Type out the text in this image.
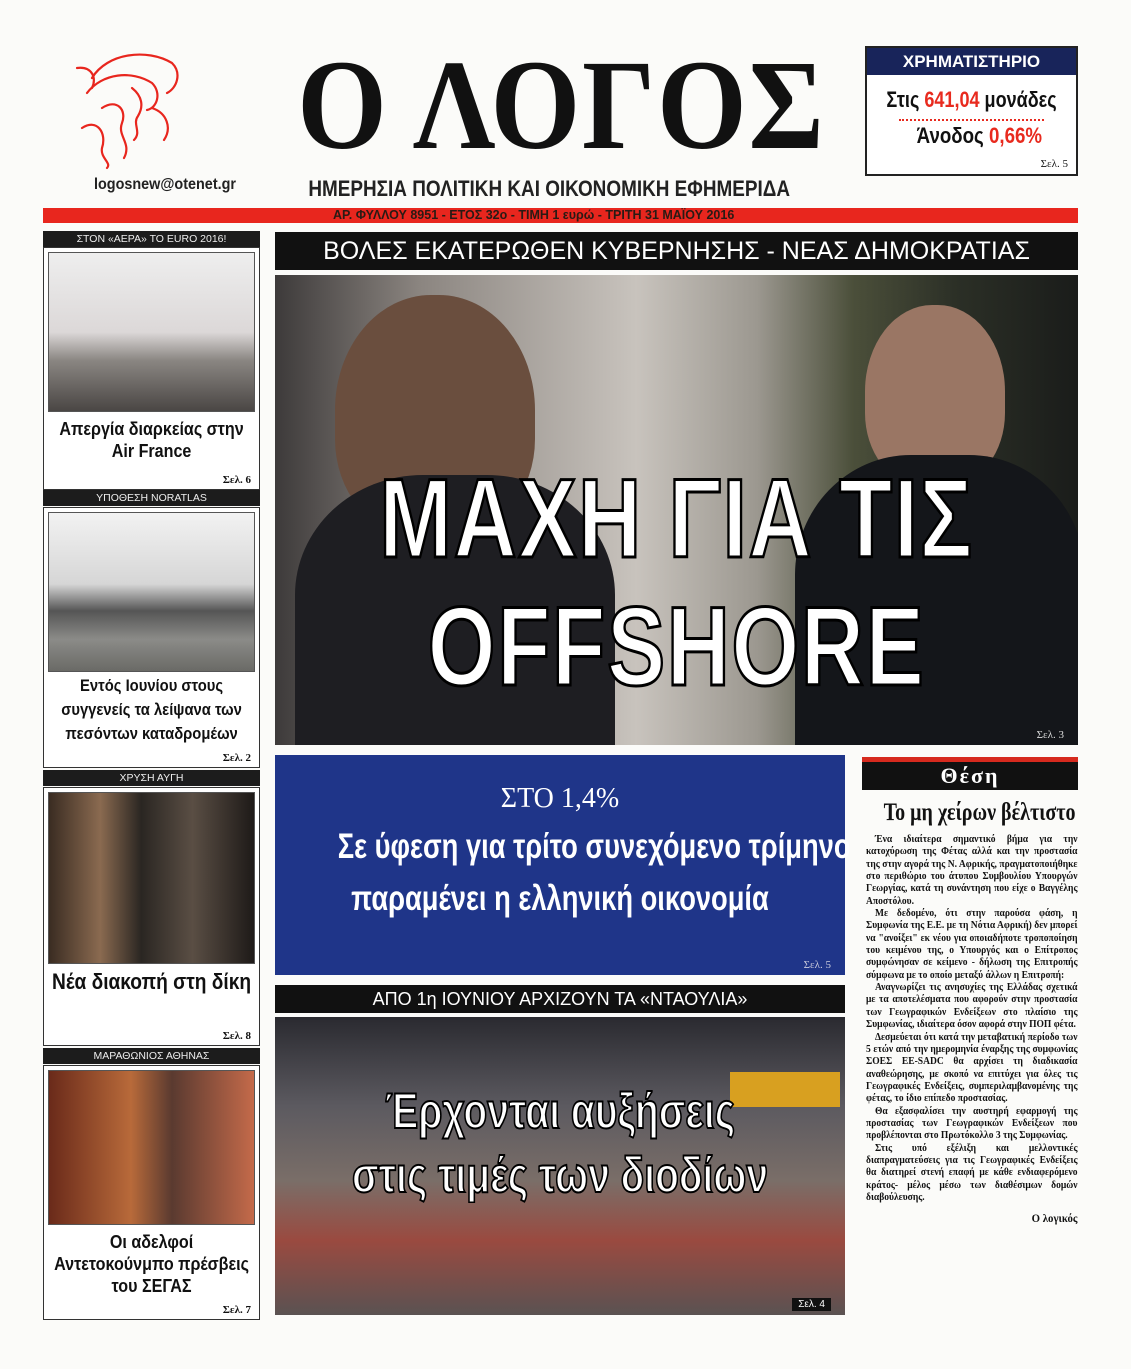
logosnew@otenet.gr
Ο ΛΟΓΟΣ
ΗΜΕΡΗΣΙΑ ΠΟΛΙΤΙΚΗ ΚΑΙ ΟΙΚΟΝΟΜΙΚΗ ΕΦΗΜΕΡΙΔΑ
ΧΡΗΜΑΤΙΣΤΗΡΙΟ
Στις 641,04 μονάδες
Άνοδος 0,66%
Σελ. 5
ΑΡ. ΦΥΛΛΟΥ 8951 - ΕΤΟΣ 32ο - ΤΙΜΗ 1 ευρώ - ΤΡΙΤΗ 31 ΜΑΪΟΥ 2016
ΣΤΟΝ «ΑΕΡΑ» ΤΟ EURO 2016!
Απεργία διαρκείας στην Air France
Σελ. 6
ΥΠΟΘΕΣΗ NORATLAS
Εντός Ιουνίου στους συγγενείς τα λείψανα των πεσόντων καταδρομέων
Σελ. 2
ΧΡΥΣΗ ΑΥΓΗ
Νέα διακοπή στη δίκη
Σελ. 8
ΜΑΡΑΘΩΝΙΟΣ ΑΘΗΝΑΣ
Οι αδελφοί Αντετοκούνμπο πρέσβεις του ΣΕΓΑΣ
Σελ. 7
ΒΟΛΕΣ ΕΚΑΤΕΡΩΘΕΝ ΚΥΒΕΡΝΗΣΗΣ - ΝΕΑΣ ΔΗΜΟΚΡΑΤΙΑΣ
ΜΑΧΗ ΓΙΑ ΤΙΣ
OFFSHORE
Σελ. 3
ΣΤΟ 1,4%
Σε ύφεση για τρίτο συνεχόμενο τρίμηνο
παραμένει η ελληνική οικονομία
Σελ. 5
ΑΠΟ 1η ΙΟΥΝΙΟΥ ΑΡΧΙΖΟΥΝ ΤΑ «ΝΤΑΟΥΛΙΑ»
Έρχονται αυξήσεις
στις τιμές των διοδίων
Σελ. 4
Θέση
Το μη χείρων βέλτιστο

Ένα ιδιαίτερα σημαντικό βήμα για την κατοχύρωση της Φέτας αλλά και την προστασία της στην αγορά της Ν. Αφρικής, πραγματοποιήθηκε στο περιθώριο του άτυπου Συμβουλίου Υπουργών Γεωργίας, κατά τη συνάντηση που είχε ο Βαγγέλης Αποστόλου.

Με δεδομένο, ότι στην παρούσα φάση, η Συμφωνία της Ε.Ε. με τη Νότια Αφρική) δεν μπορεί να "ανοίξει" εκ νέου για οποιαδήποτε τροποποίηση του κειμένου της, ο Υπουργός και ο Επίτροπος συμφώνησαν σε κείμενο - δήλωση της Επιτροπής σύμφωνα με το οποίο μεταξύ άλλων η Επιτροπή:

Αναγνωρίζει τις ανησυχίες της Ελλάδας σχετικά με τα αποτελέσματα που αφορούν στην προστασία των Γεωγραφικών Ενδείξεων στο πλαίσιο της Συμφωνίας, ιδιαίτερα όσον αφορά στην ΠΟΠ φέτα.

Δεσμεύεται ότι κατά την μεταβατική περίοδο των 5 ετών από την ημερομηνία έναρξης της συμφωνίας ΣΟΕΣ ΕΕ-SADC θα αρχίσει τη διαδικασία αναθεώρησης, με σκοπό να επιτύχει για όλες τις Γεωγραφικές Ενδείξεις, συμπεριλαμβανομένης της φέτας, το ίδιο επίπεδο προστασίας.

Θα εξασφαλίσει την αυστηρή εφαρμογή της προστασίας των Γεωγραφικών Ενδείξεων που προβλέπονται στο Πρωτόκολλο 3 της Συμφωνίας.

Στις υπό εξέλιξη και μελλοντικές διαπραγματεύσεις για τις Γεωγραφικές Ενδείξεις θα διατηρεί στενή επαφή με κάθε ενδιαφερόμενο κράτος- μέλος μέσω των διαθέσιμων δομών διαβούλευσης.

Ο λογικός
